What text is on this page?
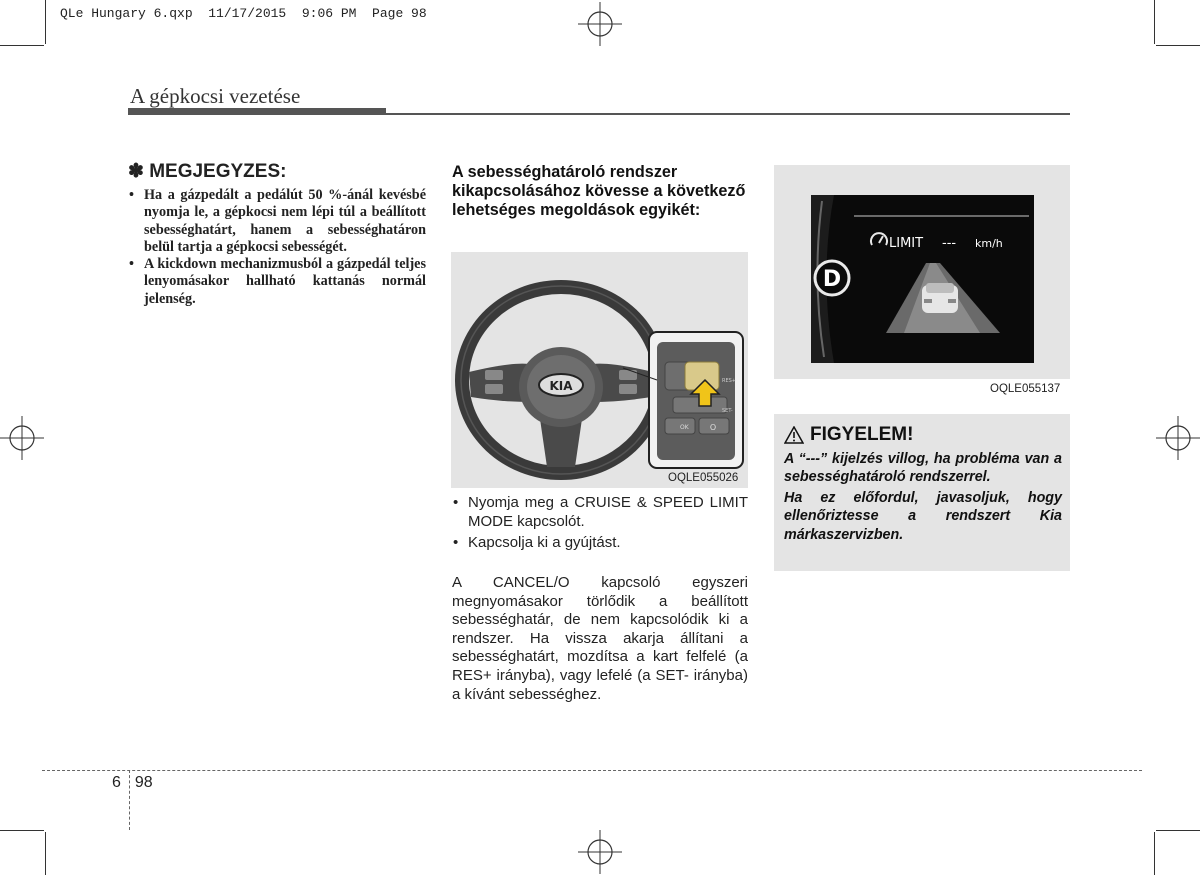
QLe Hungary 6.qxp  11/17/2015  9:06 PM  Page 98
A gépkocsi vezetése
✽ MEGJEGYZES:
• Ha a gázpedált a pedálút 50 %-ánál kevésbé nyomja le, a gépkocsi nem lépi túl a beállított sebességhatárt, hanem a sebességhatáron belül tartja a gépkocsi sebességét.
• A kickdown mechanizmusból a gázpedál teljes lenyomásakor hallható kattanás normál jelenség.
A sebességhatároló rendszer kikapcsolásához kövesse a következő lehetséges megoldások egyikét:
KIA
OK	O
RES+
SET-
OQLE055026
• Nyomja meg a CRUISE & SPEED LIMIT MODE kapcsolót.
• Kapcsolja ki a gyújtást.
A CANCEL/O kapcsoló egyszeri megnyomásakor törlődik a beállított sebességhatár, de nem kapcsolódik ki a rendszer. Ha vissza akarja állítani a sebességhatárt, mozdítsa a kart felfelé (a RES+ irányba), vagy lefelé (a SET- irányba) a kívánt sebességhez.
D
LIMIT --- km/h
OQLE055137
FIGYELEM!
A “---” kijelzés villog, ha probléma van a sebességhatároló rendszerrel.
Ha ez előfordul, javasoljuk, hogy ellenőriztesse a rendszert Kia márkaszervizben.
6 98
